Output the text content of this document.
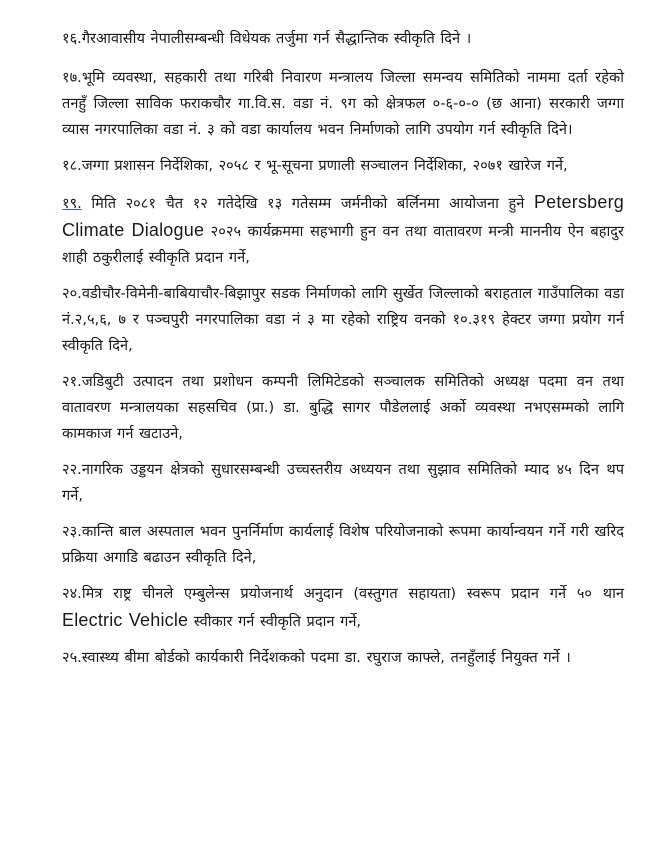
१६.गैरआवासीय नेपालीसम्बन्धी विधेयक तर्जुमा गर्न सैद्धान्तिक स्वीकृति दिने ।

१७.भूमि व्यवस्था, सहकारी तथा गरिबी निवारण मन्त्रालय जिल्ला समन्वय समितिको नाममा दर्ता रहेको तनहुँ जिल्ला साविक फराकचौर गा.वि.स. वडा नं. ९ग को क्षेत्रफल ०-६-०-० (छ आना) सरकारी जग्गा व्यास नगरपालिका वडा नं. ३ को वडा कार्यालय भवन निर्माणको लागि उपयोग गर्न स्वीकृति दिने।

१८.जग्गा प्रशासन निर्देशिका, २०५८ र भू-सूचना प्रणाली सञ्चालन निर्देशिका, २०७१ खारेज गर्ने,

१९. मिति २०८१ चैत १२ गतेदेखि १३ गतेसम्म जर्मनीको बर्लिनमा आयोजना हुने Petersberg Climate Dialogue २०२५ कार्यक्रममा सहभागी हुन वन तथा वातावरण मन्त्री माननीय ऐन बहादुर शाही ठकुरीलाई स्वीकृति प्रदान गर्ने,

२०.वडीचौर-विमेनी-बाबियाचौर-बिझापुर सडक निर्माणको लागि सुर्खेत जिल्लाको बराहताल गाउँपालिका वडा नं.२,५,६, ७ र पञ्चपुरी नगरपालिका वडा नं ३ मा रहेको राष्ट्रिय वनको १०.३१९ हेक्टर जग्गा प्रयोग गर्न स्वीकृति दिने,

२१.जडिबुटी उत्पादन तथा प्रशोधन कम्पनी लिमिटेडको सञ्चालक समितिको अध्यक्ष पदमा वन तथा वातावरण मन्त्रालयका सहसचिव (प्रा.) डा. बुद्धि सागर पौडेललाई अर्को व्यवस्था नभएसम्मको लागि कामकाज गर्न खटाउने,

२२.नागरिक उड्डयन क्षेत्रको सुधारसम्बन्धी उच्चस्तरीय अध्ययन तथा सुझाव समितिको म्याद ४५ दिन थप गर्ने,

२३.कान्ति बाल अस्पताल भवन पुनर्निर्माण कार्यलाई विशेष परियोजनाको रूपमा कार्यान्वयन गर्ने गरी खरिद प्रक्रिया अगाडि बढाउन स्वीकृति दिने,

२४.मित्र राष्ट्र चीनले एम्बुलेन्स प्रयोजनार्थ अनुदान (वस्तुगत सहायता) स्वरूप प्रदान गर्ने ५० थान Electric Vehicle स्वीकार गर्न स्वीकृति प्रदान गर्ने,

२५.स्वास्थ्य बीमा बोर्डको कार्यकारी निर्देशकको पदमा डा. रघुराज काफ्ले, तनहुँलाई नियुक्त गर्ने ।
